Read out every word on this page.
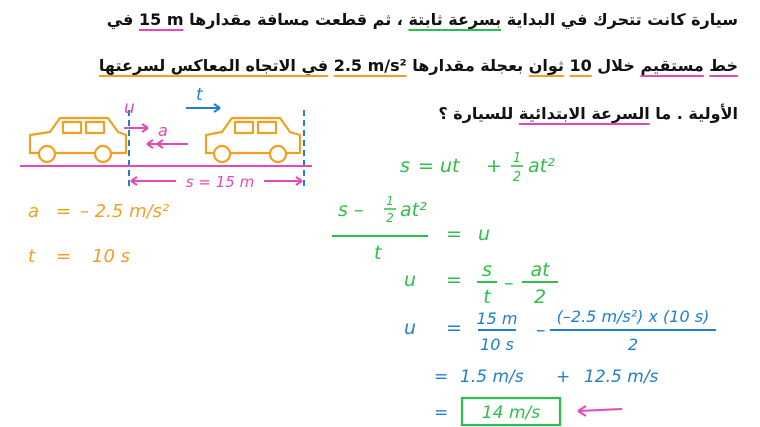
سيارة كانت تتحرك في البداية بسرعة ثابتة ، ثم قطعت مسافة مقدارها 15 m في
خط مستقيم خلال 10 ثوان بعجلة مقدارها 2.5 m/s² في الاتجاه المعاكس لسرعتها
الأولية . ما السرعة الابتدائية للسيارة ؟
u
a
t
s = 15 m
a = – 2.5 m/s²
t = 10 s
s = ut + 1
2
at²
s – 1
2 at²
t
= u
u = s
t
–
at
2
u = 15 m
10 s
–
(–2.5 m/s²) x (10 s)
2
= 1.5 m/s + 12.5 m/s
= 14 m/s
